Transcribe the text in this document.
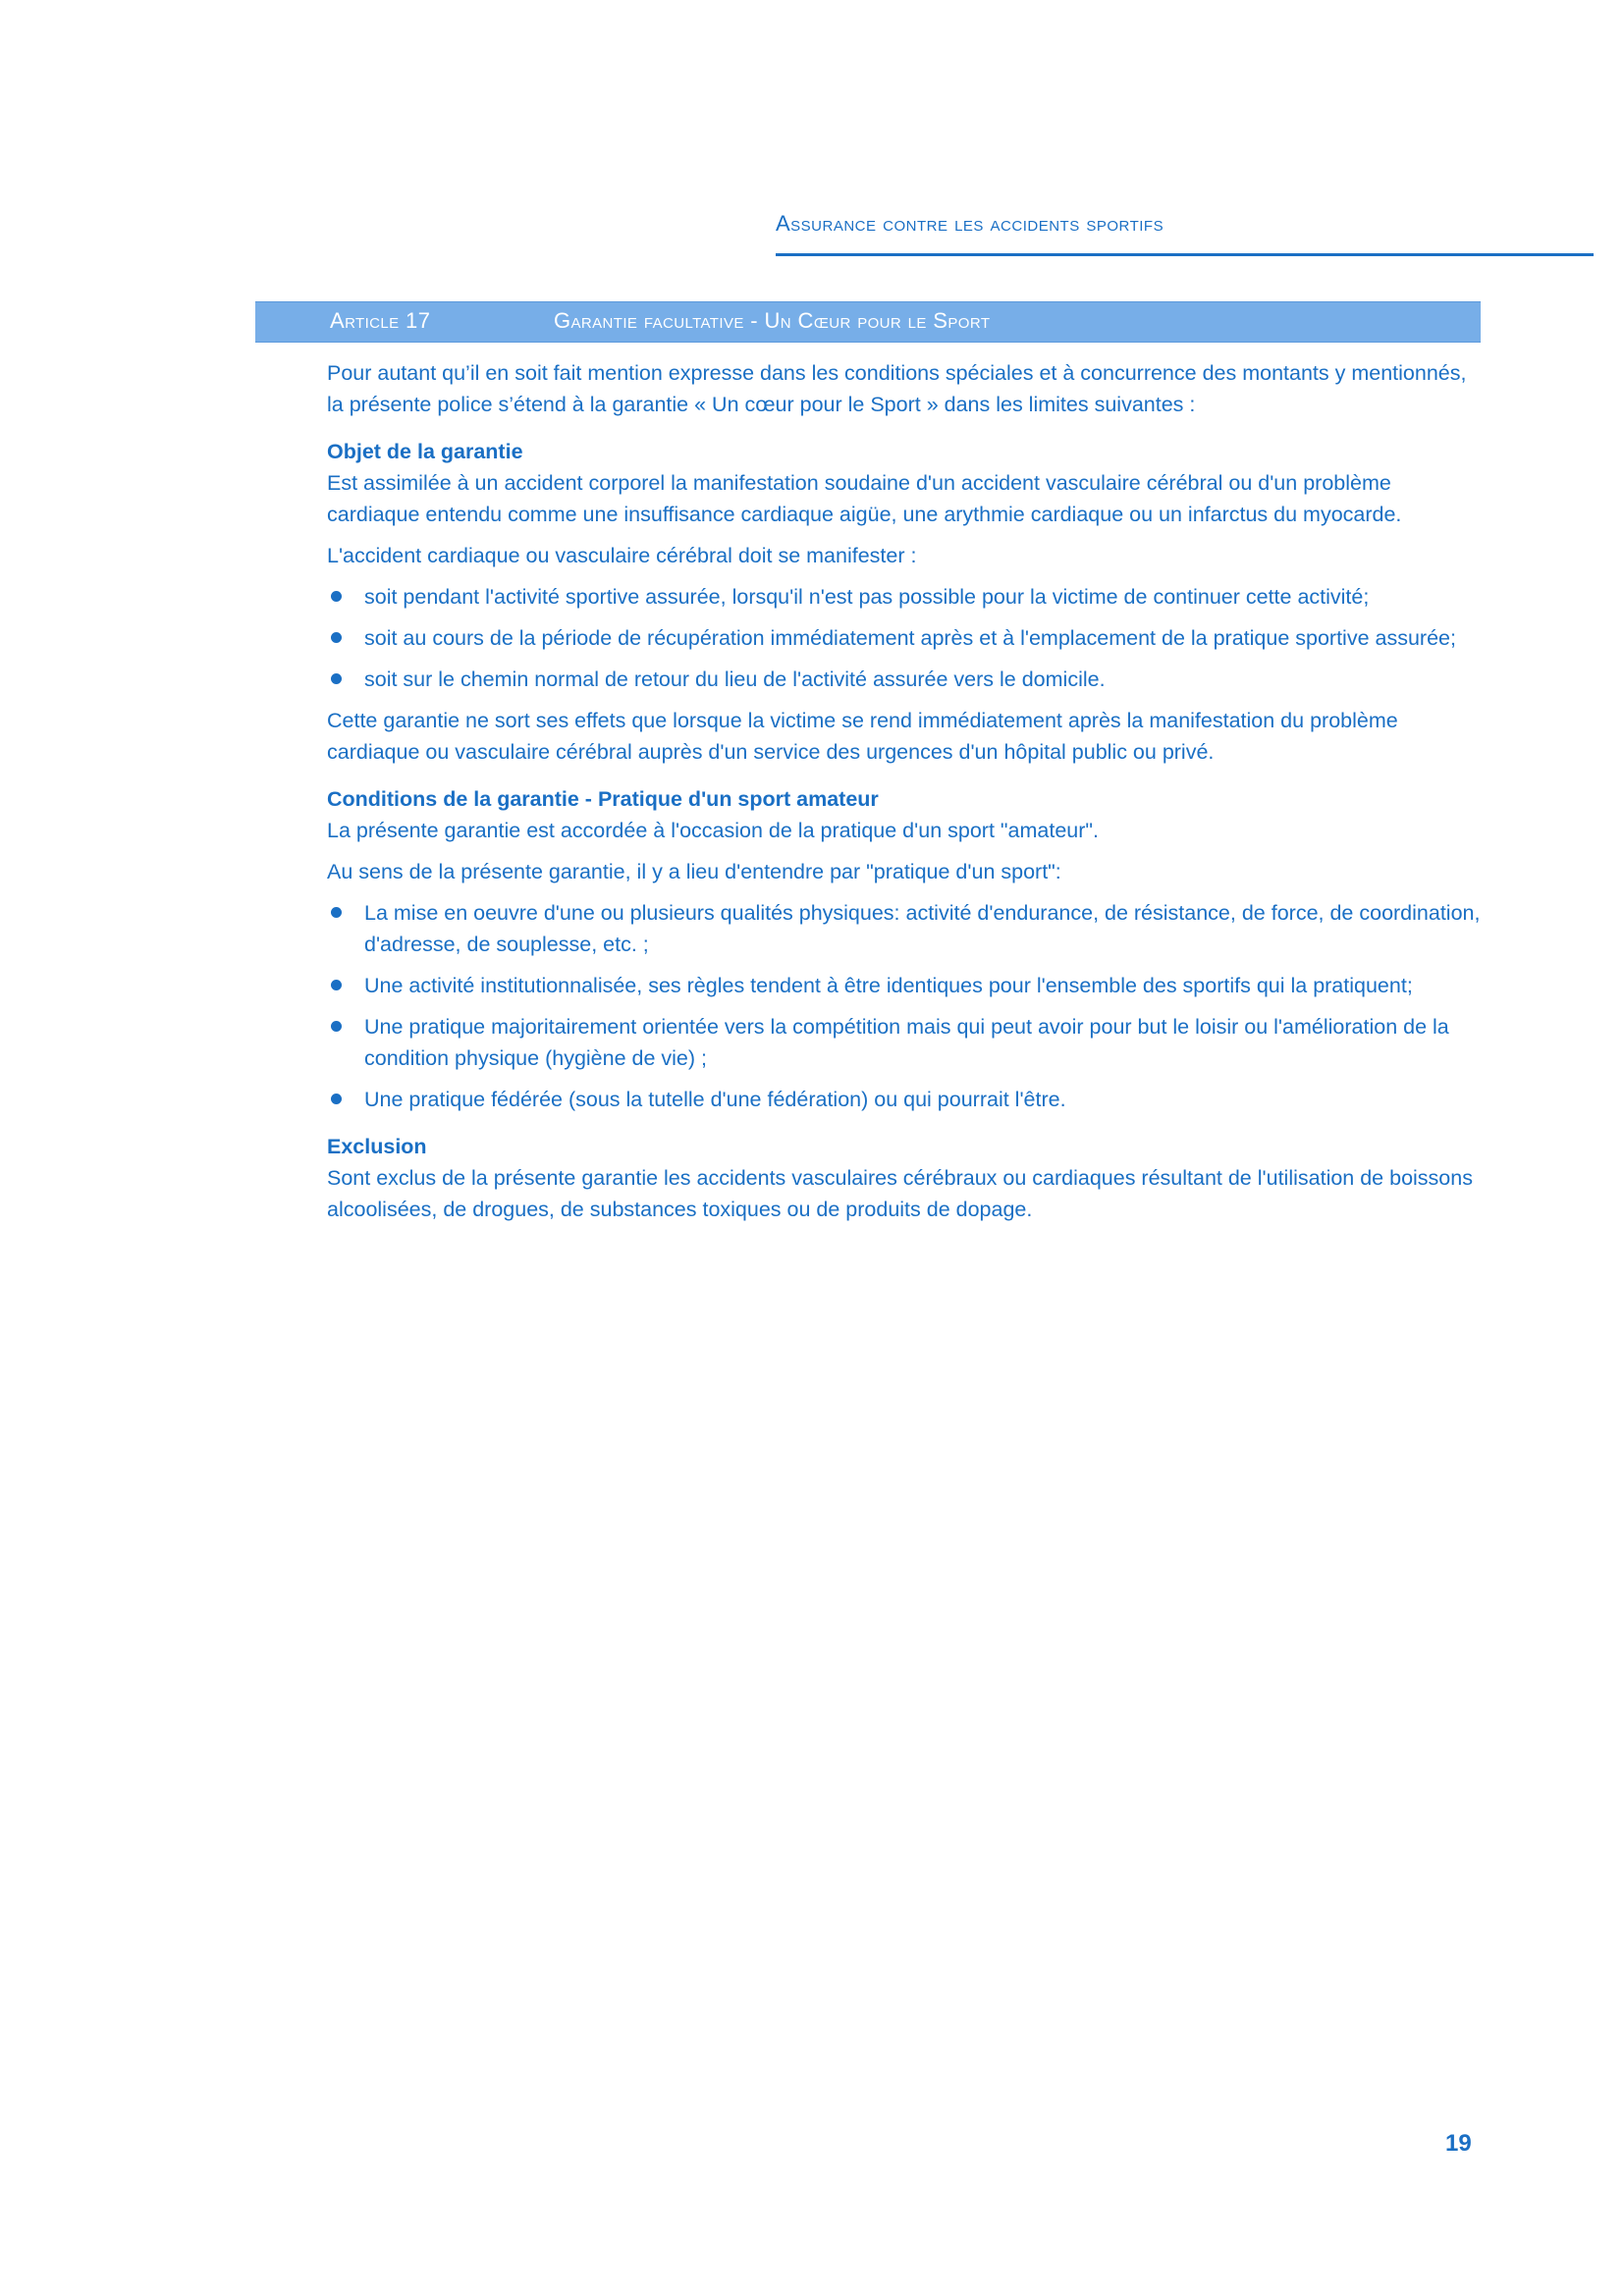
Assurance contre les accidents sportifs
Article 17	Garantie facultative - Un Cœur pour le Sport

Pour autant qu’il en soit fait mention expresse dans les conditions spéciales et à concurrence des montants y mentionnés, la présente police s’étend à la garantie « Un cœur pour le Sport » dans les limites suivantes :

Objet de la garantie

Est assimilée à un accident corporel la manifestation soudaine d'un accident vasculaire cérébral ou d'un problème cardiaque entendu comme une insuffisance cardiaque aigüe, une arythmie cardiaque ou un infarctus du myocarde.

L'accident cardiaque ou vasculaire cérébral doit se manifester :

soit pendant l'activité sportive assurée, lorsqu'il n'est pas possible pour la victime de continuer cette activité;
soit au cours de la période de récupération immédiatement après et à l'emplacement de la pratique sportive assurée;
soit sur le chemin normal de retour du lieu de l'activité assurée vers le domicile.

Cette garantie ne sort ses effets que lorsque la victime se rend immédiatement après la manifestation du problème cardiaque ou vasculaire cérébral auprès d'un service des urgences d'un hôpital public ou privé.

Conditions de la garantie - Pratique d'un sport amateur

La présente garantie est accordée à l'occasion de la pratique d'un sport "amateur".

Au sens de la présente garantie, il y a lieu d'entendre par "pratique d'un sport":

La mise en oeuvre d'une ou plusieurs qualités physiques: activité d'endurance, de résistance, de force, de coordination, d'adresse, de souplesse, etc. ;
Une activité institutionnalisée, ses règles tendent à être identiques pour l'ensemble des sportifs qui la pratiquent;
Une pratique majoritairement orientée vers la compétition mais qui peut avoir pour but le loisir ou l'amélioration de la condition physique (hygiène de vie) ;
Une pratique fédérée (sous la tutelle d'une fédération) ou qui pourrait l'être.
Exclusion

Sont exclus de la présente garantie les accidents vasculaires cérébraux ou cardiaques résultant de l'utilisation de boissons alcoolisées, de drogues, de substances toxiques ou de produits de dopage.

19
